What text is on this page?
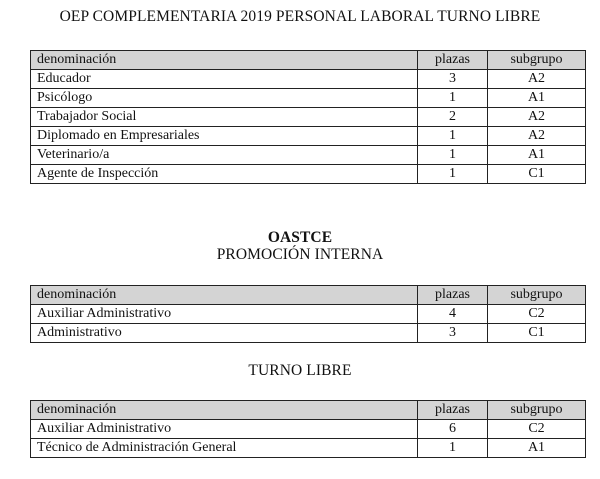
OEP COMPLEMENTARIA 2019 PERSONAL LABORAL TURNO LIBRE
denominación	plazas	subgrupo
Educador	3	A2
Psicólogo	1	A1
Trabajador Social	2	A2
Diplomado en Empresariales	1	A2
Veterinario/a	1	A1
Agente de Inspección	1	C1
OASTCE
PROMOCIÓN INTERNA
denominación	plazas	subgrupo
Auxiliar Administrativo	4	C2
Administrativo	3	C1
TURNO LIBRE
denominación	plazas	subgrupo
Auxiliar Administrativo	6	C2
Técnico de Administración General	1	A1
